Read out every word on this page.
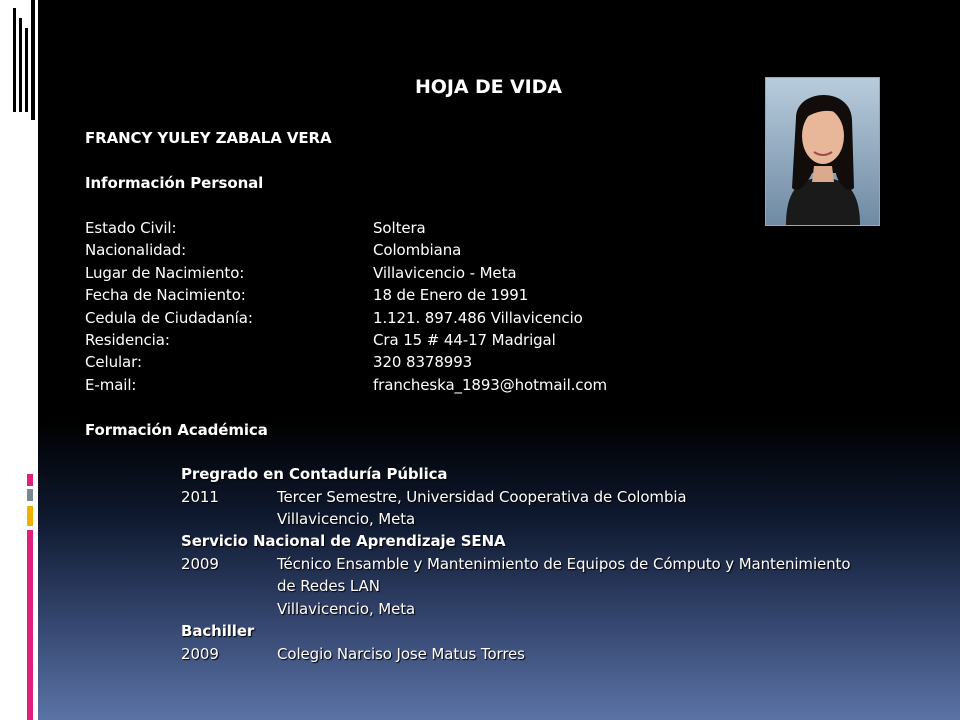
HOJA DE VIDA
FRANCY YULEY ZABALA VERA
Información Personal
Estado Civil:	Soltera
Nacionalidad:	Colombiana
Lugar de Nacimiento:	Villavicencio - Meta
Fecha de Nacimiento:	18 de Enero de 1991
Cedula de Ciudadanía:	1.121. 897.486 Villavicencio
Residencia:	Cra 15 # 44-17 Madrigal
Celular:	320 8378993
E-mail:	francheska_1893@hotmail.com
Formación Académica
Pregrado en Contaduría Pública
2011	Tercer Semestre, Universidad Cooperativa de Colombia
Villavicencio, Meta
Servicio Nacional de Aprendizaje SENA
2009	Técnico Ensamble y Mantenimiento de Equipos de Cómputo y Mantenimiento
de Redes LAN
Villavicencio, Meta
Bachiller
2009	Colegio Narciso Jose Matus Torres
